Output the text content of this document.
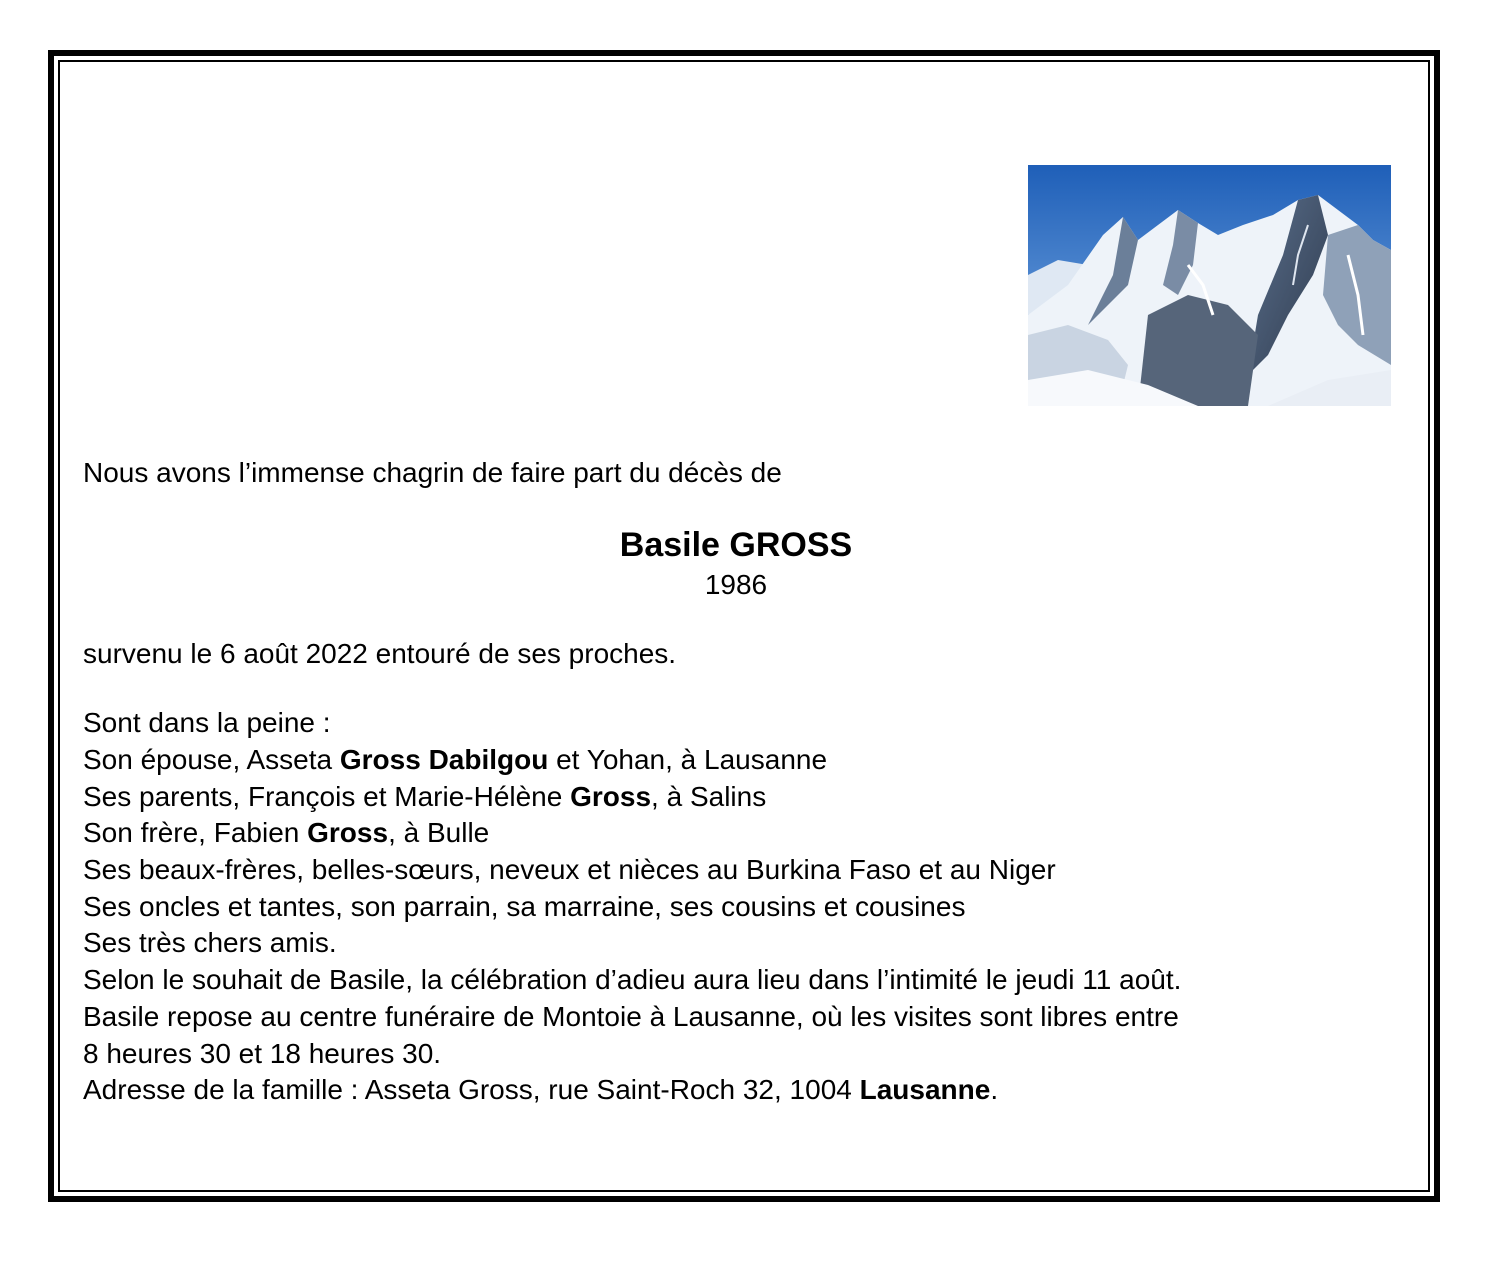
Nous avons l’immense chagrin de faire part du décès de
Basile GROSS
1986
survenu le 6 août 2022 entouré de ses proches.
Sont dans la peine :
Son épouse, Asseta Gross Dabilgou et Yohan, à Lausanne
Ses parents, François et Marie-Hélène Gross, à Salins
Son frère, Fabien Gross, à Bulle
Ses beaux-frères, belles-sœurs, neveux et nièces au Burkina Faso et au Niger
Ses oncles et tantes, son parrain, sa marraine, ses cousins et cousines
Ses très chers amis.
Selon le souhait de Basile, la célébration d’adieu aura lieu dans l’intimité le jeudi 11 août.
Basile repose au centre funéraire de Montoie à Lausanne, où les visites sont libres entre
8 heures 30 et 18 heures 30.
Adresse de la famille : Asseta Gross, rue Saint-Roch 32, 1004 Lausanne.
